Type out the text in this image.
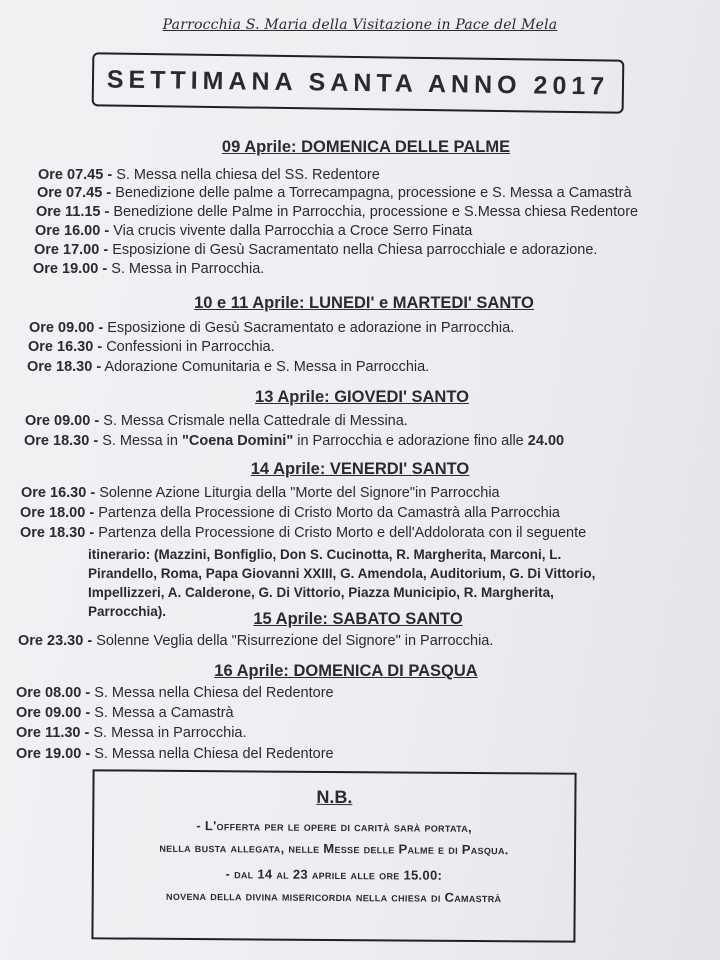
Parrocchia S. Maria della Visitazione in Pace del Mela
SETTIMANA SANTA ANNO 2017
09 Aprile: DOMENICA DELLE PALME
Ore 07.45 - S. Messa nella chiesa del SS. Redentore
Ore 07.45 - Benedizione delle palme a Torrecampagna, processione e S. Messa a Camastrà
Ore 11.15 - Benedizione delle Palme in Parrocchia, processione e S.Messa chiesa Redentore
Ore 16.00 - Via crucis vivente dalla Parrocchia a Croce Serro Finata
Ore 17.00 - Esposizione di Gesù Sacramentato nella Chiesa parrocchiale e adorazione.
Ore 19.00 - S. Messa in Parrocchia.
10 e 11 Aprile: LUNEDI' e MARTEDI' SANTO
Ore 09.00 - Esposizione di Gesù Sacramentato e adorazione in Parrocchia.
Ore 16.30 - Confessioni in Parrocchia.
Ore 18.30 - Adorazione Comunitaria e S. Messa in Parrocchia.
13 Aprile: GIOVEDI' SANTO
Ore 09.00 - S. Messa Crismale nella Cattedrale di Messina.
Ore 18.30 - S. Messa in "Coena Domini" in Parrocchia e adorazione fino alle 24.00
14 Aprile: VENERDI' SANTO
Ore 16.30 - Solenne Azione Liturgia della "Morte del Signore"in Parrocchia
Ore 18.00 - Partenza della Processione di Cristo Morto da Camastrà alla Parrocchia
Ore 18.30 - Partenza della Processione di Cristo Morto e dell'Addolorata con il seguente
itinerario: (Mazzini, Bonfiglio, Don S. Cucinotta, R. Margherita, Marconi, L. Pirandello, Roma, Papa Giovanni XXIII, G. Amendola, Auditorium, G. Di Vittorio, Impellizzeri, A. Calderone, G. Di Vittorio, Piazza Municipio, R. Margherita, Parrocchia).	15 Aprile: SABATO SANTO
Ore 23.30 - Solenne Veglia della "Risurrezione del Signore" in Parrocchia.
16 Aprile: DOMENICA DI PASQUA
Ore 08.00 - S. Messa nella Chiesa del Redentore
Ore 09.00 - S. Messa a Camastrà
Ore 11.30 - S. Messa in Parrocchia.
Ore 19.00 - S. Messa nella Chiesa del Redentore
N.B.
- L'offerta per le opere di carità sarà portata,
nella busta allegata, nelle Messe delle Palme e di Pasqua.
- dal 14 al 23 aprile alle ore 15.00:
novena della divina misericordia nella chiesa di Camastrà
